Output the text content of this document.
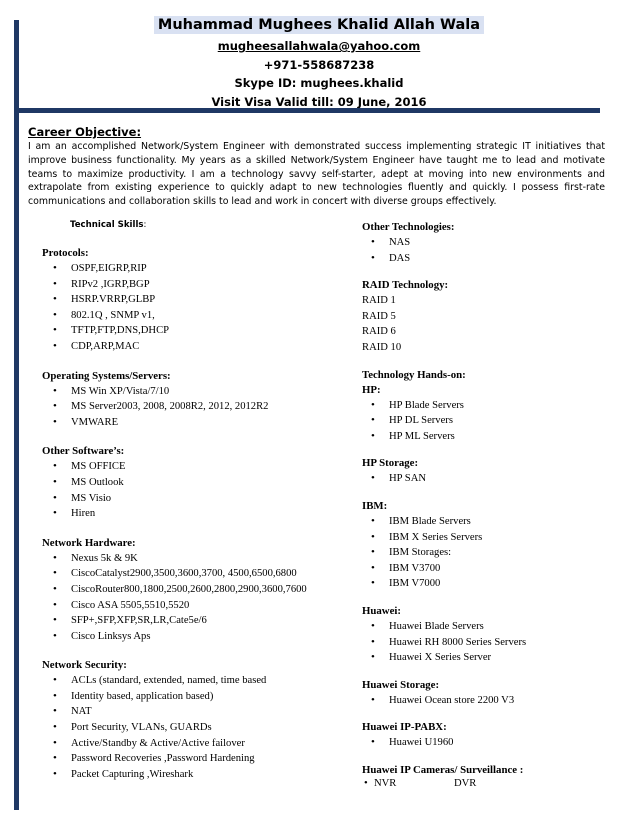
Muhammad Mughees Khalid Allah Wala
mugheesallahwala@yahoo.com
+971-558687238
Skype ID: mughees.khalid
Visit Visa Valid till: 09 June, 2016
Career Objective:

I am an accomplished Network/System Engineer with demonstrated success implementing strategic IT initiatives that improve business functionality. My years as a skilled Network/System Engineer have taught me to lead and motivate teams to maximize productivity. I am a technology savvy self-starter, adept at moving into new environments and extrapolate from existing experience to quickly adapt to new technologies fluently and quickly. I possess first-rate communications and collaboration skills to lead and work in concert with diverse groups effectively.

Technical Skills:
Protocols:
• OSPF,EIGRP,RIP
• RIPv2 ,IGRP,BGP
• HSRP.VRRP,GLBP
• 802.1Q , SNMP v1,
• TFTP,FTP,DNS,DHCP
• CDP,ARP,MAC
Operating Systems/Servers:
• MS Win XP/Vista/7/10
• MS Server2003, 2008, 2008R2, 2012, 2012R2
• VMWARE
Other Software’s:
• MS OFFICE
• MS Outlook
• MS Visio
• Hiren
Network Hardware:
• Nexus 5k & 9K
• CiscoCatalyst2900,3500,3600,3700, 4500,6500,6800
• CiscoRouter800,1800,2500,2600,2800,2900,3600,7600
• Cisco ASA 5505,5510,5520
• SFP+,SFP,XFP,SR,LR,Cate5e/6
• Cisco Linksys Aps
Network Security:
• ACLs (standard, extended, named, time based
• Identity based, application based)
• NAT
• Port Security, VLANs, GUARDs
• Active/Standby & Active/Active failover
• Password Recoveries ,Password Hardening
• Packet Capturing ,Wireshark
Other Technologies:
• NAS
• DAS
RAID Technology:
RAID 1
RAID 5
RAID 6
RAID 10
Technology Hands-on:
HP:
• HP Blade Servers
• HP DL Servers
• HP ML Servers
HP Storage:
• HP SAN
IBM:
• IBM Blade Servers
• IBM X Series Servers
• IBM Storages:
• IBM V3700
• IBM V7000
Huawei:
• Huawei Blade Servers
• Huawei RH 8000 Series Servers
• Huawei X Series Server
Huawei Storage:
• Huawei Ocean store 2200 V3
Huawei IP-PABX:
• Huawei U1960
Huawei IP Cameras/ Surveillance :
• NVR	DVR
